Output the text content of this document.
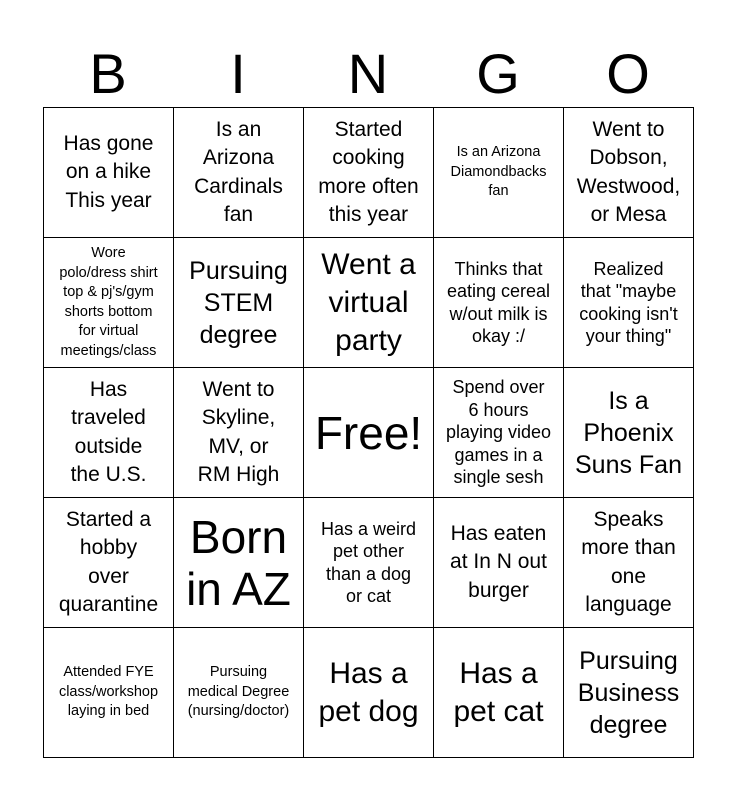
B	I	N	G	O
Has gone
on a hike
This year
Is an
Arizona
Cardinals
fan
Started
cooking
more often
this year
Is an Arizona
Diamondbacks
fan
Went to
Dobson,
Westwood,
or Mesa
Wore
polo/dress shirt
top & pj's/gym
shorts bottom
for virtual
meetings/class
Pursuing
STEM
degree
Went a
virtual
party
Thinks that
eating cereal
w/out milk is
okay :/
Realized
that "maybe
cooking isn't
your thing"
Has
traveled
outside
the U.S.
Went to
Skyline,
MV, or
RM High
Free!
Spend over
6 hours
playing video
games in a
single sesh
Is a
Phoenix
Suns Fan
Started a
hobby
over
quarantine
Born
in AZ
Has a weird
pet other
than a dog
or cat
Has eaten
at In N out
burger
Speaks
more than
one
language
Attended FYE
class/workshop
laying in bed
Pursuing
medical Degree
(nursing/doctor)
Has a
pet dog
Has a
pet cat
Pursuing
Business
degree
